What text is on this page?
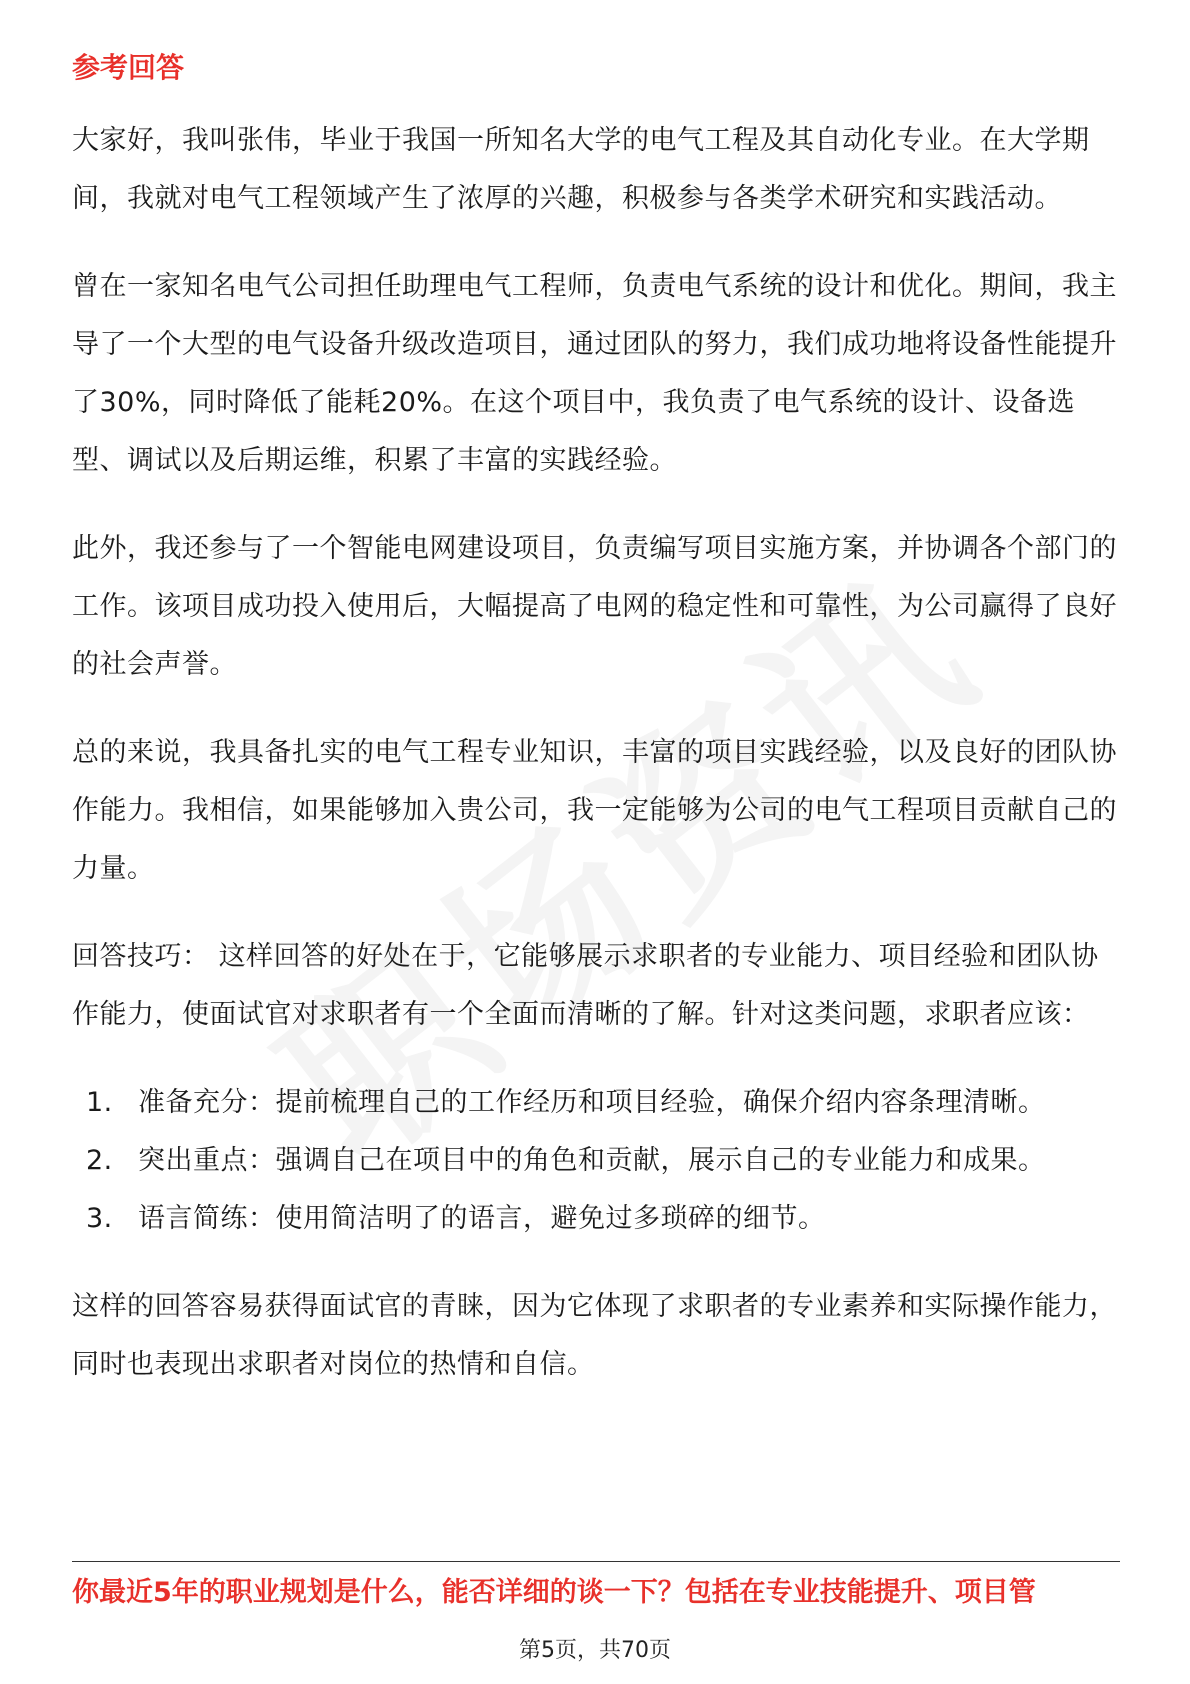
参考回答

大家好，我叫张伟，毕业于我国一所知名大学的电气工程及其自动化专业。在大学期间，我就对电气工程领域产生了浓厚的兴趣，积极参与各类学术研究和实践活动。

曾在一家知名电气公司担任助理电气工程师，负责电气系统的设计和优化。期间，我主导了一个大型的电气设备升级改造项目，通过团队的努力，我们成功地将设备性能提升了30%，同时降低了能耗20%。在这个项目中，我负责了电气系统的设计、设备选型、调试以及后期运维，积累了丰富的实践经验。

此外，我还参与了一个智能电网建设项目，负责编写项目实施方案，并协调各个部门的工作。该项目成功投入使用后，大幅提高了电网的稳定性和可靠性，为公司赢得了良好的社会声誉。

总的来说，我具备扎实的电气工程专业知识，丰富的项目实践经验，以及良好的团队协作能力。我相信，如果能够加入贵公司，我一定能够为公司的电气工程项目贡献自己的力量。

回答技巧： 这样回答的好处在于，它能够展示求职者的专业能力、项目经验和团队协作能力，使面试官对求职者有一个全面而清晰的了解。针对这类问题，求职者应该：

1. 准备充分：提前梳理自己的工作经历和项目经验，确保介绍内容条理清晰。
2. 突出重点：强调自己在项目中的角色和贡献，展示自己的专业能力和成果。
3. 语言简练：使用简洁明了的语言，避免过多琐碎的细节。

这样的回答容易获得面试官的青睐，因为它体现了求职者的专业素养和实际操作能力，同时也表现出求职者对岗位的热情和自信。

你最近5年的职业规划是什么，能否详细的谈一下？包括在专业技能提升、项目管
第5页，共70页
